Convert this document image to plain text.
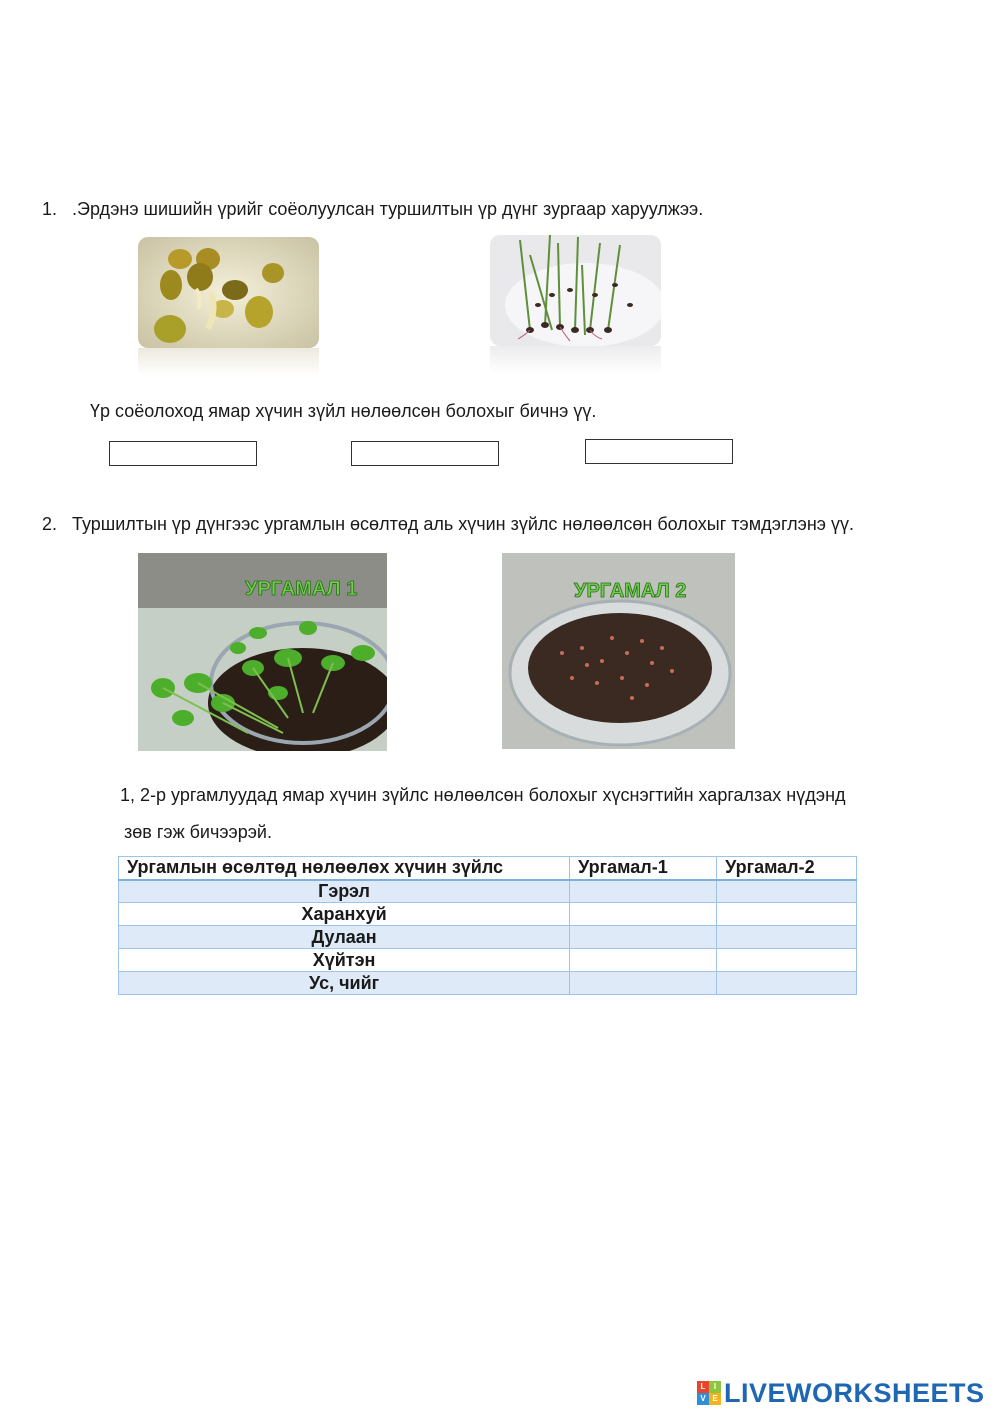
1. .Эрдэнэ шишийн үрийг соёолуулсан туршилтын үр дүнг зургаар харуулжээ.
Үр соёолоход ямар хүчин зүйл нөлөөлсөн болохыг бичнэ үү.
2. Туршилтын үр дүнгээс ургамлын өсөлтөд аль хүчин зүйлс нөлөөлсөн болохыг тэмдэглэнэ үү.
УРГАМАЛ 1	УРГАМАЛ 2
1, 2-р ургамлуудад ямар хүчин зүйлс нөлөөлсөн болохыг хүснэгтийн харгалзах нүдэнд
зөв гэж бичээрэй.
Ургамлын өсөлтөд нөлөөлөх хүчин зүйлс	Ургамал-1	Ургамал-2
Гэрэл		
Харанхуй		
Дулаан		
Хүйтэн		
Ус, чийг		
L	I
V E LIVEWORKSHEETS
